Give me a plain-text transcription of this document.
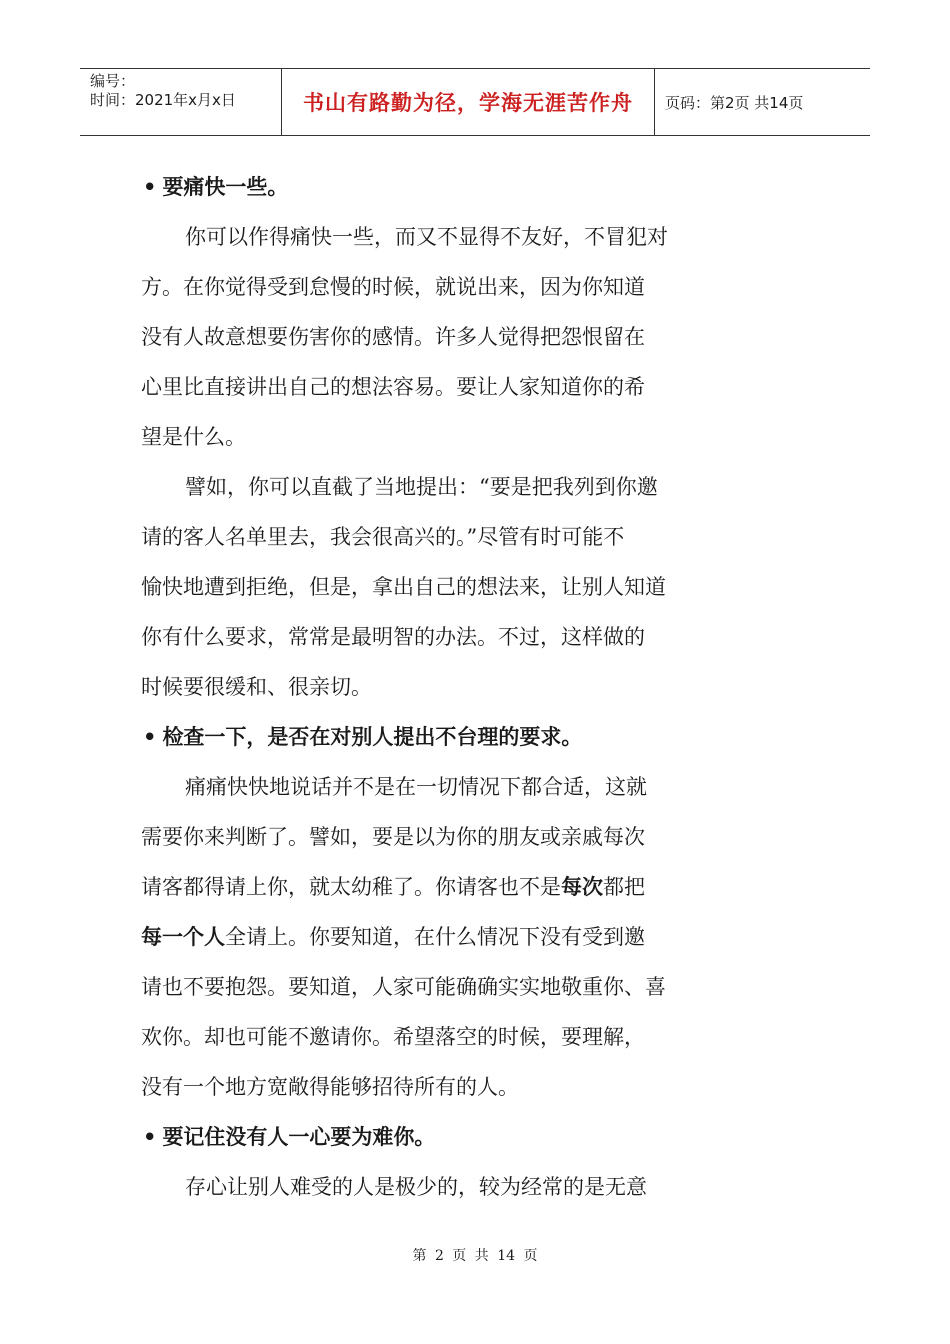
编号：
时间：2021年x月x日	书山有路勤为径，学海无涯苦作舟	页码：第2页 共14页
• 要痛快一些。
你可以作得痛快一些，而又不显得不友好，不冒犯对
方。在你觉得受到怠慢的时候，就说出来，因为你知道
没有人故意想要伤害你的感情。许多人觉得把怨恨留在
心里比直接讲出自己的想法容易。要让人家知道你的希
望是什么。
譬如，你可以直截了当地提出：“要是把我列到你邀
请的客人名单里去，我会很高兴的。”尽管有时可能不
愉快地遭到拒绝，但是，拿出自己的想法来，让别人知道
你有什么要求，常常是最明智的办法。不过，这样做的
时候要很缓和、很亲切。
• 检查一下，是否在对别人提出不台理的要求。
痛痛快快地说话并不是在一切情况下都合适，这就
需要你来判断了。譬如，要是以为你的朋友或亲戚每次
请客都得请上你，就太幼稚了。你请客也不是每次都把
每一个人全请上。你要知道，在什么情况下没有受到邀
请也不要抱怨。要知道，人家可能确确实实地敬重你、喜
欢你。却也可能不邀请你。希望落空的时候，要理解，
没有一个地方宽敞得能够招待所有的人。
• 要记住没有人一心要为难你。
存心让别人难受的人是极少的，较为经常的是无意
第 2 页 共 14 页
